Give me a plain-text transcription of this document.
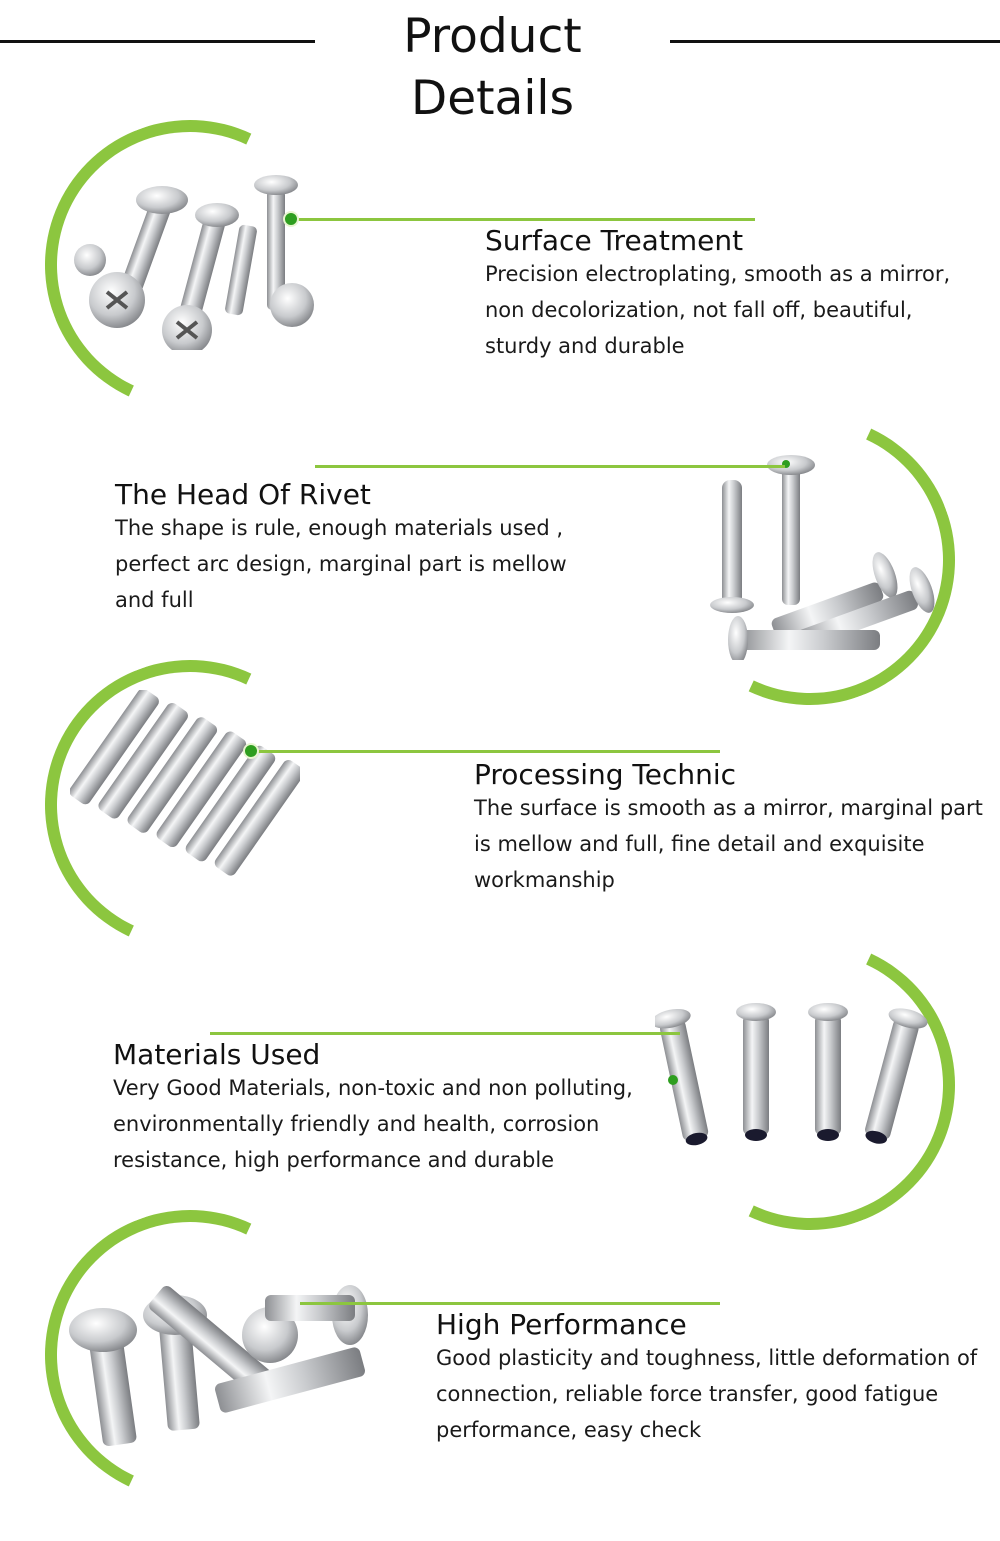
Product Details
Surface Treatment

Precision electroplating, smooth as a mirror, non decolorization, not fall off, beautiful, sturdy and durable

The Head Of Rivet

The shape is rule, enough materials used , perfect arc design, marginal part is mellow and full

Processing Technic

The surface is smooth as a mirror, marginal part is mellow and full, fine detail and exquisite workmanship

Materials Used

Very Good Materials, non-toxic and non polluting, environmentally friendly and health, corrosion resistance, high performance and durable

High Performance

Good plasticity and toughness, little deformation of connection, reliable force transfer, good fatigue performance, easy check
